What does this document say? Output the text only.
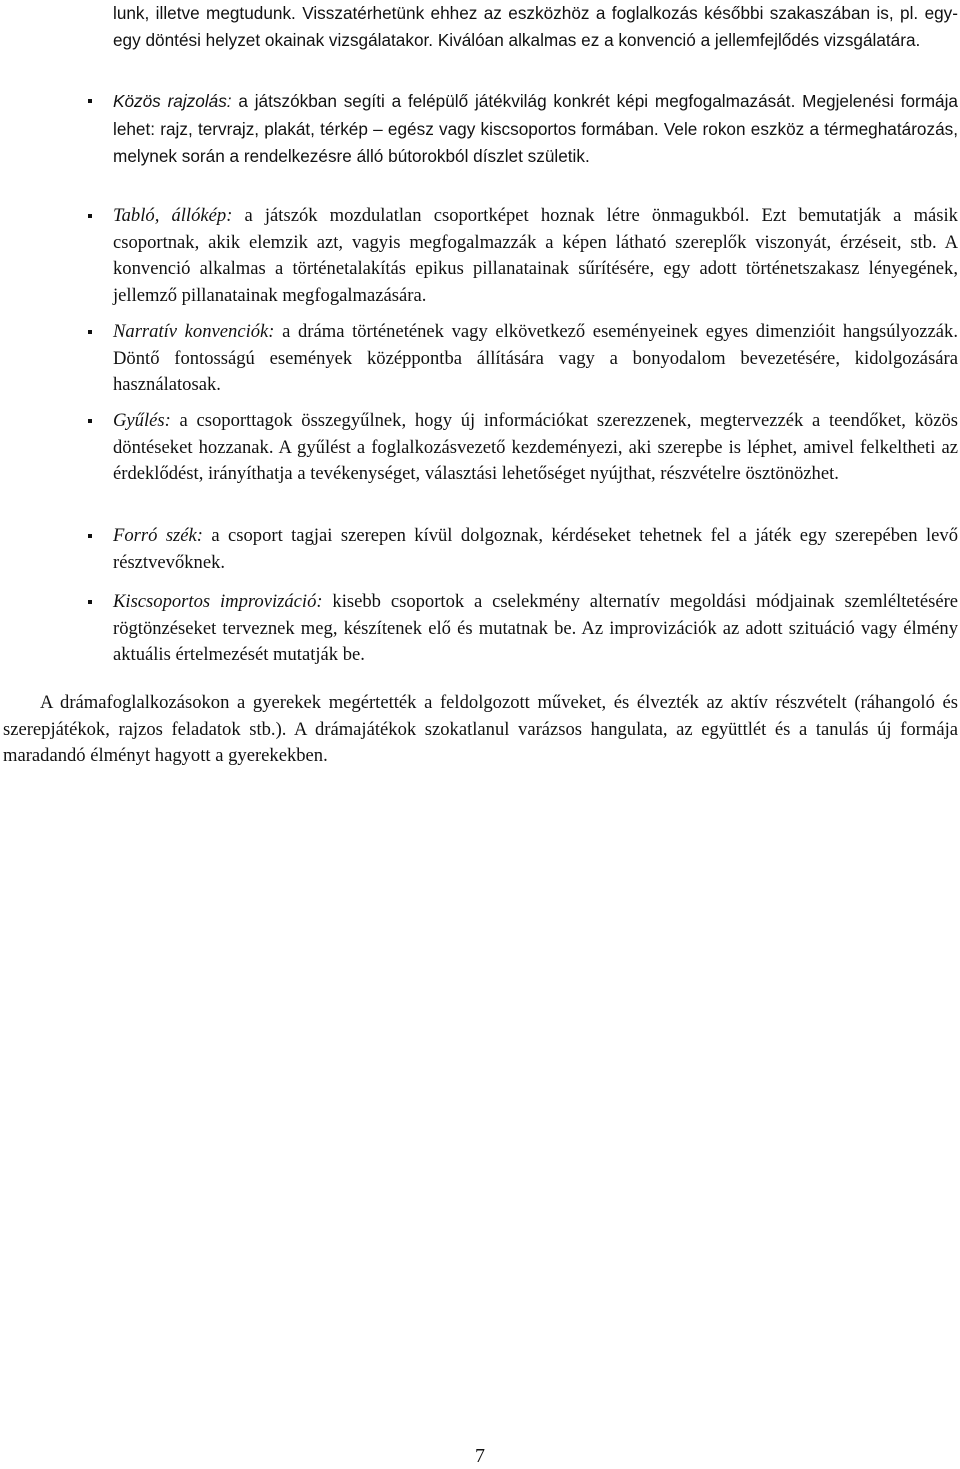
lunk, illetve megtudunk. Visszatérhetünk ehhez az eszközhöz a foglalkozás későbbi szakaszában is, pl. egy-egy döntési helyzet okainak vizsgálatakor. Kiválóan alkalmas ez a konvenció a jellemfejlődés vizsgálatára.

Közös rajzolás: a játszókban segíti a felépülő játékvilág konkrét képi megfogalmazását. Megjelenési formája lehet: rajz, tervrajz, plakát, térkép – egész vagy kiscsoportos formában. Vele rokon eszköz a térmeghatározás, melynek során a rendelkezésre álló bútorokból díszlet születik.

Tabló, állókép: a játszók mozdulatlan csoportképet hoznak létre önmagukból. Ezt bemutatják a másik csoportnak, akik elemzik azt, vagyis megfogalmazzák a képen látható szereplők viszonyát, érzéseit, stb. A konvenció alkalmas a történetalakítás epikus pillanatainak sűrítésére, egy adott történetszakasz lényegének, jellemző pillanatainak megfogalmazására.

Narratív konvenciók: a dráma történetének vagy elkövetkező eseményeinek egyes dimenzióit hangsúlyozzák. Döntő fontosságú események középpontba állítására vagy a bonyodalom bevezetésére, kidolgozására használatosak.

Gyűlés: a csoporttagok összegyűlnek, hogy új információkat szerezzenek, megtervezzék a teendőket, közös döntéseket hozzanak. A gyűlést a foglalkozásvezető kezdeményezi, aki szerepbe is léphet, amivel felkeltheti az érdeklődést, irányíthatja a tevékenységet, választási lehetőséget nyújthat, részvételre ösztönözhet.

Forró szék: a csoport tagjai szerepen kívül dolgoznak, kérdéseket tehetnek fel a játék egy szerepében levő résztvevőknek.

Kiscsoportos improvizáció: kisebb csoportok a cselekmény alternatív megoldási módjainak szemléltetésére rögtönzéseket terveznek meg, készítenek elő és mutatnak be. Az improvizációk az adott szituáció vagy élmény aktuális értelmezését mutatják be.

A drámafoglalkozásokon a gyerekek megértették a feldolgozott műveket, és élvezték az aktív részvételt (ráhangoló és szerepjátékok, rajzos feladatok stb.). A drámajátékok szokatlanul varázsos hangulata, az együttlét és a tanulás új formája maradandó élményt hagyott a gyerekekben.

7
